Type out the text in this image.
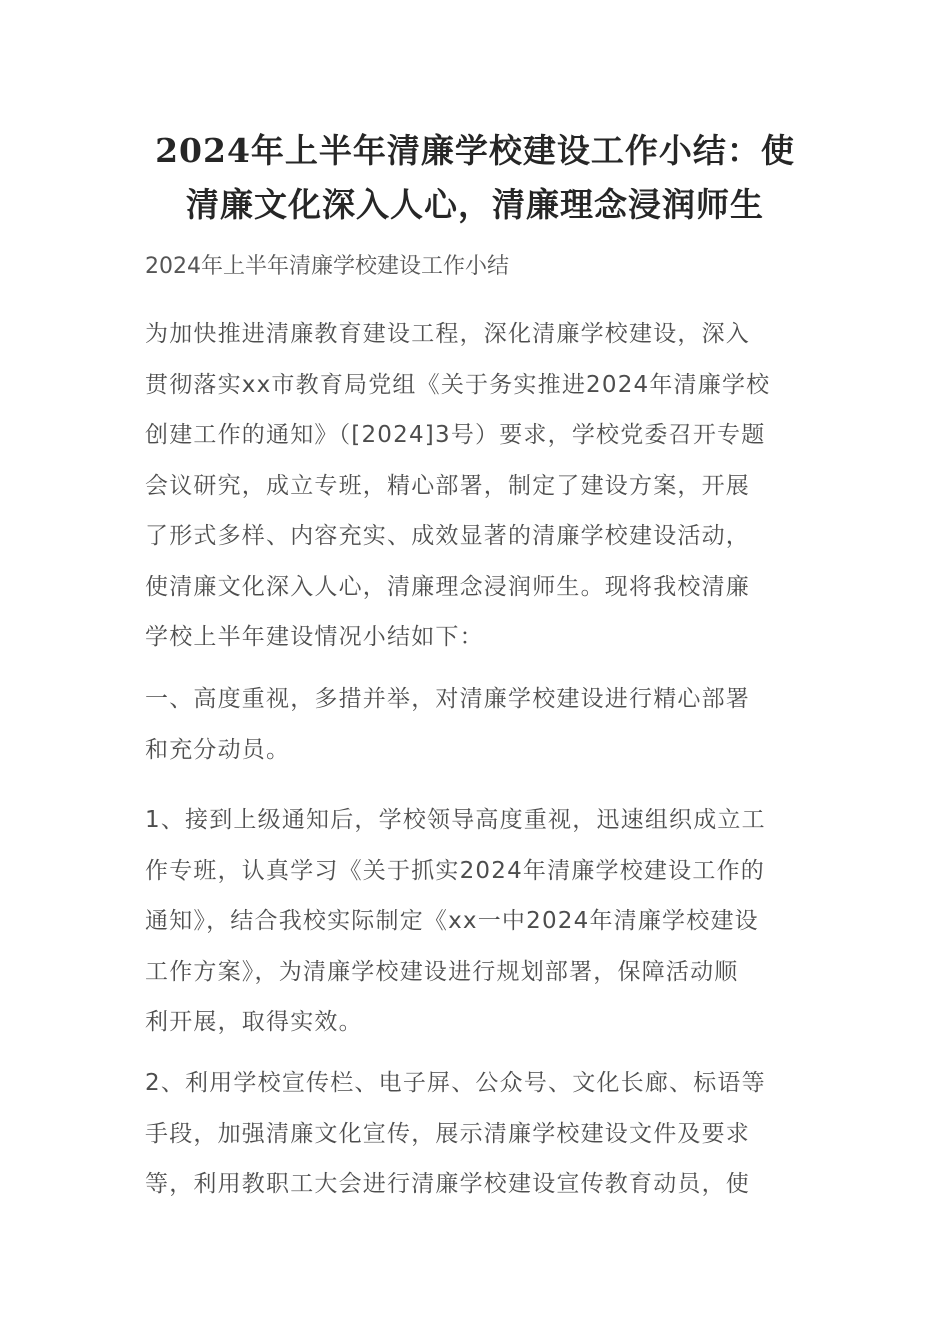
2024年上半年清廉学校建设工作小结：使
清廉文化深入人心，清廉理念浸润师生

2024年上半年清廉学校建设工作小结

为加快推进清廉教育建设工程，深化清廉学校建设，深入
贯彻落实xx市教育局党组《关于务实推进2024年清廉学校
创建工作的通知》（[2024]3号）要求，学校党委召开专题
会议研究，成立专班，精心部署，制定了建设方案，开展
了形式多样、内容充实、成效显著的清廉学校建设活动，
使清廉文化深入人心，清廉理念浸润师生。现将我校清廉
学校上半年建设情况小结如下：

一、高度重视，多措并举，对清廉学校建设进行精心部署
和充分动员。

1、接到上级通知后，学校领导高度重视，迅速组织成立工
作专班，认真学习《关于抓实2024年清廉学校建设工作的
通知》，结合我校实际制定《xx一中2024年清廉学校建设
工作方案》，为清廉学校建设进行规划部署，保障活动顺
利开展，取得实效。

2、利用学校宣传栏、电子屏、公众号、文化长廊、标语等
手段，加强清廉文化宣传，展示清廉学校建设文件及要求
等，利用教职工大会进行清廉学校建设宣传教育动员，使
